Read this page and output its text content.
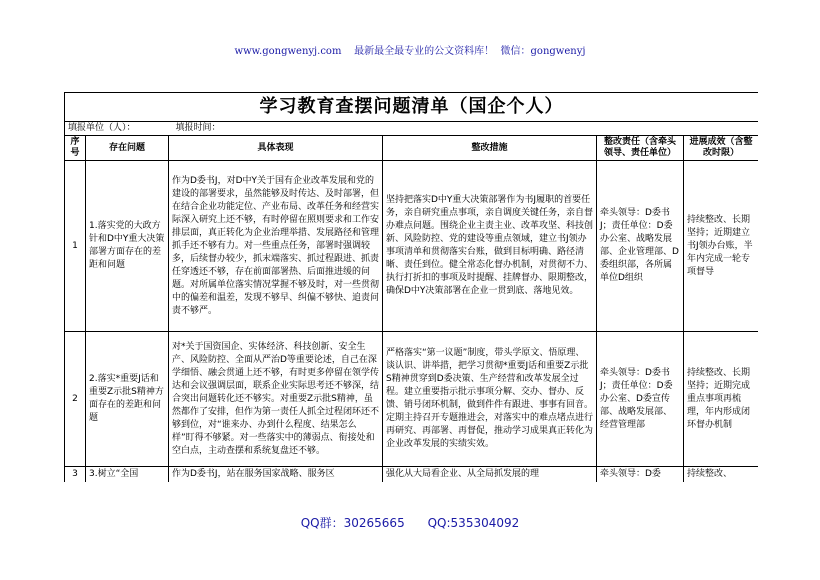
www.gongwenyj.com 最新最全最专业的公文资料库！ 微信：gongwenyj
学习教育查摆问题清单（国企个人）					
填报单位（人）： 填报时间：					
序号	存在问题	具体表现	整改措施	整改责任（含牵头领导、责任单位）	进展成效（含整改时限）
1	1.落实党的大政方针和D中Y重大决策部署方面存在的差距和问题	作为D委书J，对D中Y关于国有企业改革发展和党的建设的部署要求，虽然能够及时传达、及时部署，但在结合企业功能定位、产业布局、改革任务和经营实际深入研究上还不够，有时停留在照则要求和工作安排层面，真正转化为企业治理举措、发展路径和管理抓手还不够有力。对一些重点任务，部署时强调较多，后续督办较少，抓末端落实、抓过程跟进、抓责任穿透还不够，存在前面部署热、后面推进缓的问题。对所属单位落实情况掌握不够及时，对一些贯彻中的偏差和温差，发现不够早、纠偏不够快、追责问责不够严。	坚持把落实D中Y重大决策部署作为书J履职的首要任务，亲自研究重点事项，亲自调度关键任务，亲自督办难点问题。围绕企业主责主业、改革攻坚、科技创新、风险防控、党的建设等重点领域，建立书J领办事项清单和贯彻落实台账，做到目标明确、路径清晰、责任到位。健全常态化督办机制，对贯彻不力、执行打折扣的事项及时提醒、挂牌督办、限期整改，确保D中Y决策部署在企业一贯到底、落地见效。	牵头领导：D委书J；责任单位：D委办公室、战略发展部、企业管理部、D委组织部，各所属单位D组织	持续整改、长期坚持；近期建立书J领办台账，半年内完成一轮专项督导
2	2.落实*重要J话和重要Z示批S精神方面存在的差距和问题	对*关于国资国企、实体经济、科技创新、安全生产、风险防控、全面从严治D等重要论述，自己在深学细悟、融会贯通上还不够，有时更多停留在领学传达和会议强调层面，联系企业实际思考还不够深，结合突出问题转化还不够实。对重要Z示批S精神，虽然都作了安排，但作为第一责任人抓全过程闭环还不够到位，对“谁来办、办到什么程度、结果怎么样”盯得不够紧。对一些落实中的薄弱点、衔接处和空白点，主动查摆和系统复盘还不够。	严格落实“第一议题”制度，带头学原文、悟原理、谈认识、讲举措，把学习贯彻*重要J话和重要Z示批S精神贯穿到D委决策、生产经营和改革发展全过程。建立重要指示批示事项分解、交办、督办、反馈、销号闭环机制，做到件件有跟进、事事有回音。定期主持召开专题推进会，对落实中的难点堵点进行再研究、再部署、再督促，推动学习成果真正转化为企业改革发展的实绩实效。	牵头领导：D委书J；责任单位：D委办公室、D委宣传部、战略发展部、经营管理部	持续整改、长期坚持；近期完成重点事项再梳理，年内形成闭环督办机制
3	3.树立“全国	作为D委书J，站在服务国家战略、服务区	强化从大局看企业、从全局抓发展的理	牵头领导：D委	持续整改、
QQ群：30265665 QQ:535304092
